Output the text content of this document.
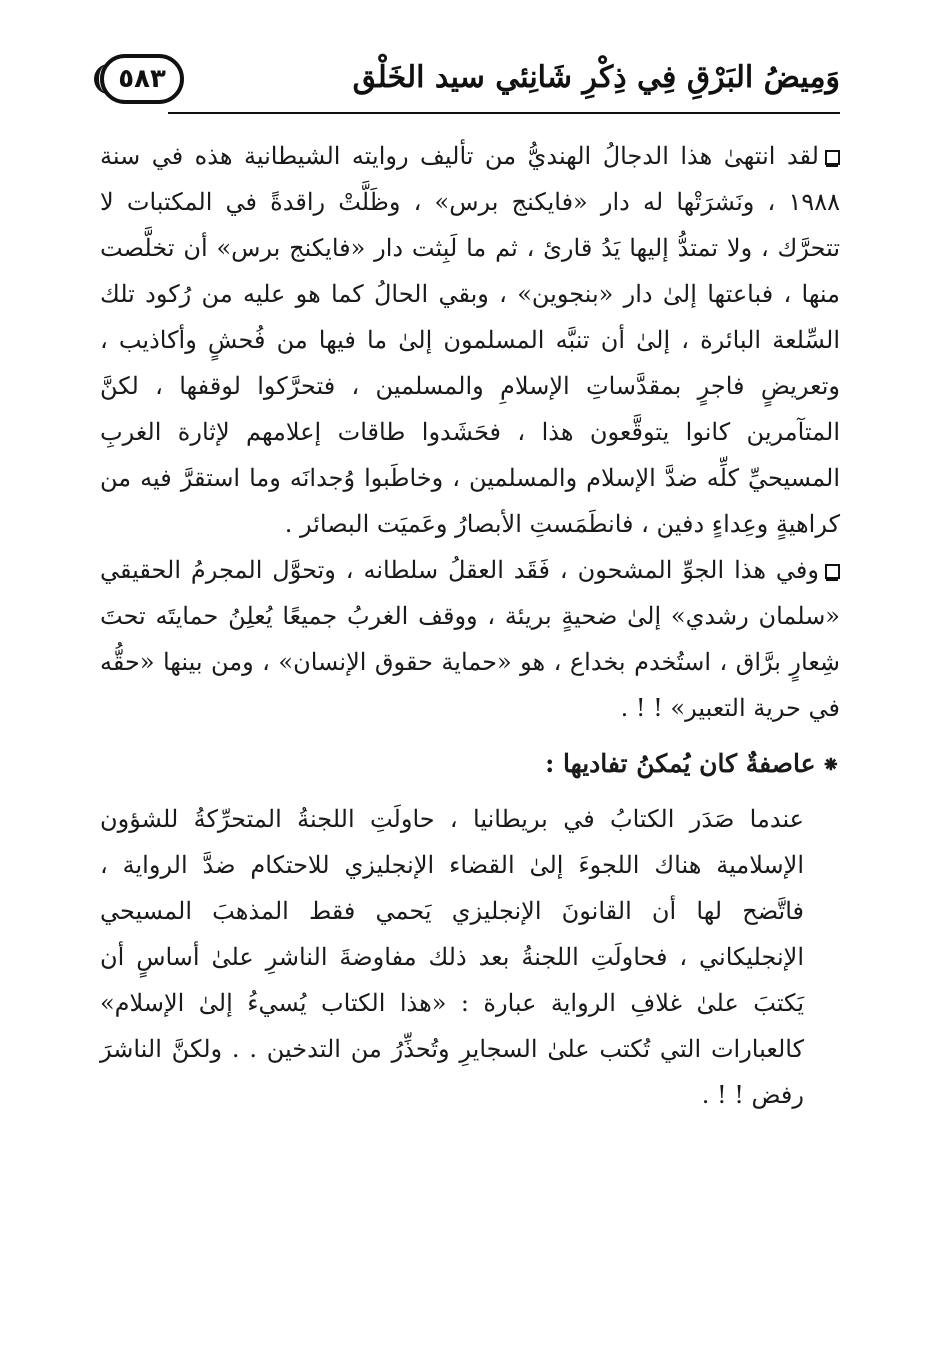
وَمِيضُ البَرْقِ فِي ذِكْرِ شَانِئي سيد الخَلْق
٥٨٣

لقد انتهىٰ هذا الدجالُ الهنديُّ من تأليف روايته الشيطانية هذه في سنة ١٩٨٨ ، ونَشرَتْها له دار «فايكنج برس» ، وظَلَّتْ راقدةً في المكتبات لا تتحرَّك ، ولا تمتدُّ إليها يَدُ قارئ ، ثم ما لَبِثت دار «فايكنج برس» أن تخلَّصت منها ، فباعتها إلىٰ دار «بنجوين» ، وبقي الحالُ كما هو عليه من رُكود تلك السِّلعة البائرة ، إلىٰ أن تنبَّه المسلمون إلىٰ ما فيها من فُحشٍ وأكاذيب ، وتعريضٍ فاجرٍ بمقدَّساتِ الإسلامِ والمسلمين ، فتحرَّكوا لوقفها ، لكنَّ المتآمرين كانوا يتوقَّعون هذا ، فحَشَدوا طاقات إعلامهم لإثارة الغربِ المسيحيِّ كلِّه ضدَّ الإسلام والمسلمين ، وخاطَبوا وُجدانَه وما استقرَّ فيه من كراهيةٍ وعِداءٍ دفين ، فانطَمَستِ الأبصارُ وعَميَت البصائر .

وفي هذا الجوِّ المشحون ، فَقَد العقلُ سلطانه ، وتحوَّل المجرمُ الحقيقي «سلمان رشدي» إلىٰ ضحيةٍ بريئة ، ووقف الغربُ جميعًا يُعلِنُ حمايتَه تحتَ شِعارٍ برَّاق ، استُخدم بخداع ، هو «حماية حقوق الإنسان» ، ومن بينها «حقُّه في حرية التعبير» ! ! .

⁕عاصفةٌ كان يُمكنُ تفاديها :

عندما صَدَر الكتابُ في بريطانيا ، حاولَتِ اللجنةُ المتحرِّكةُ للشؤون الإسلامية هناك اللجوءَ إلىٰ القضاء الإنجليزي للاحتكام ضدَّ الرواية ، فاتَّضح لها أن القانونَ الإنجليزي يَحمي فقط المذهبَ المسيحي الإنجليكاني ، فحاولَتِ اللجنةُ بعد ذلك مفاوضةَ الناشرِ علىٰ أساسٍ أن يَكتبَ علىٰ غلافِ الرواية عبارة : «هذا الكتاب يُسيءُ إلىٰ الإسلام» كالعبارات التي تُكتب علىٰ السجايرِ وتُحذِّرُ من التدخين . . ولكنَّ الناشرَ رفض ! ! .
